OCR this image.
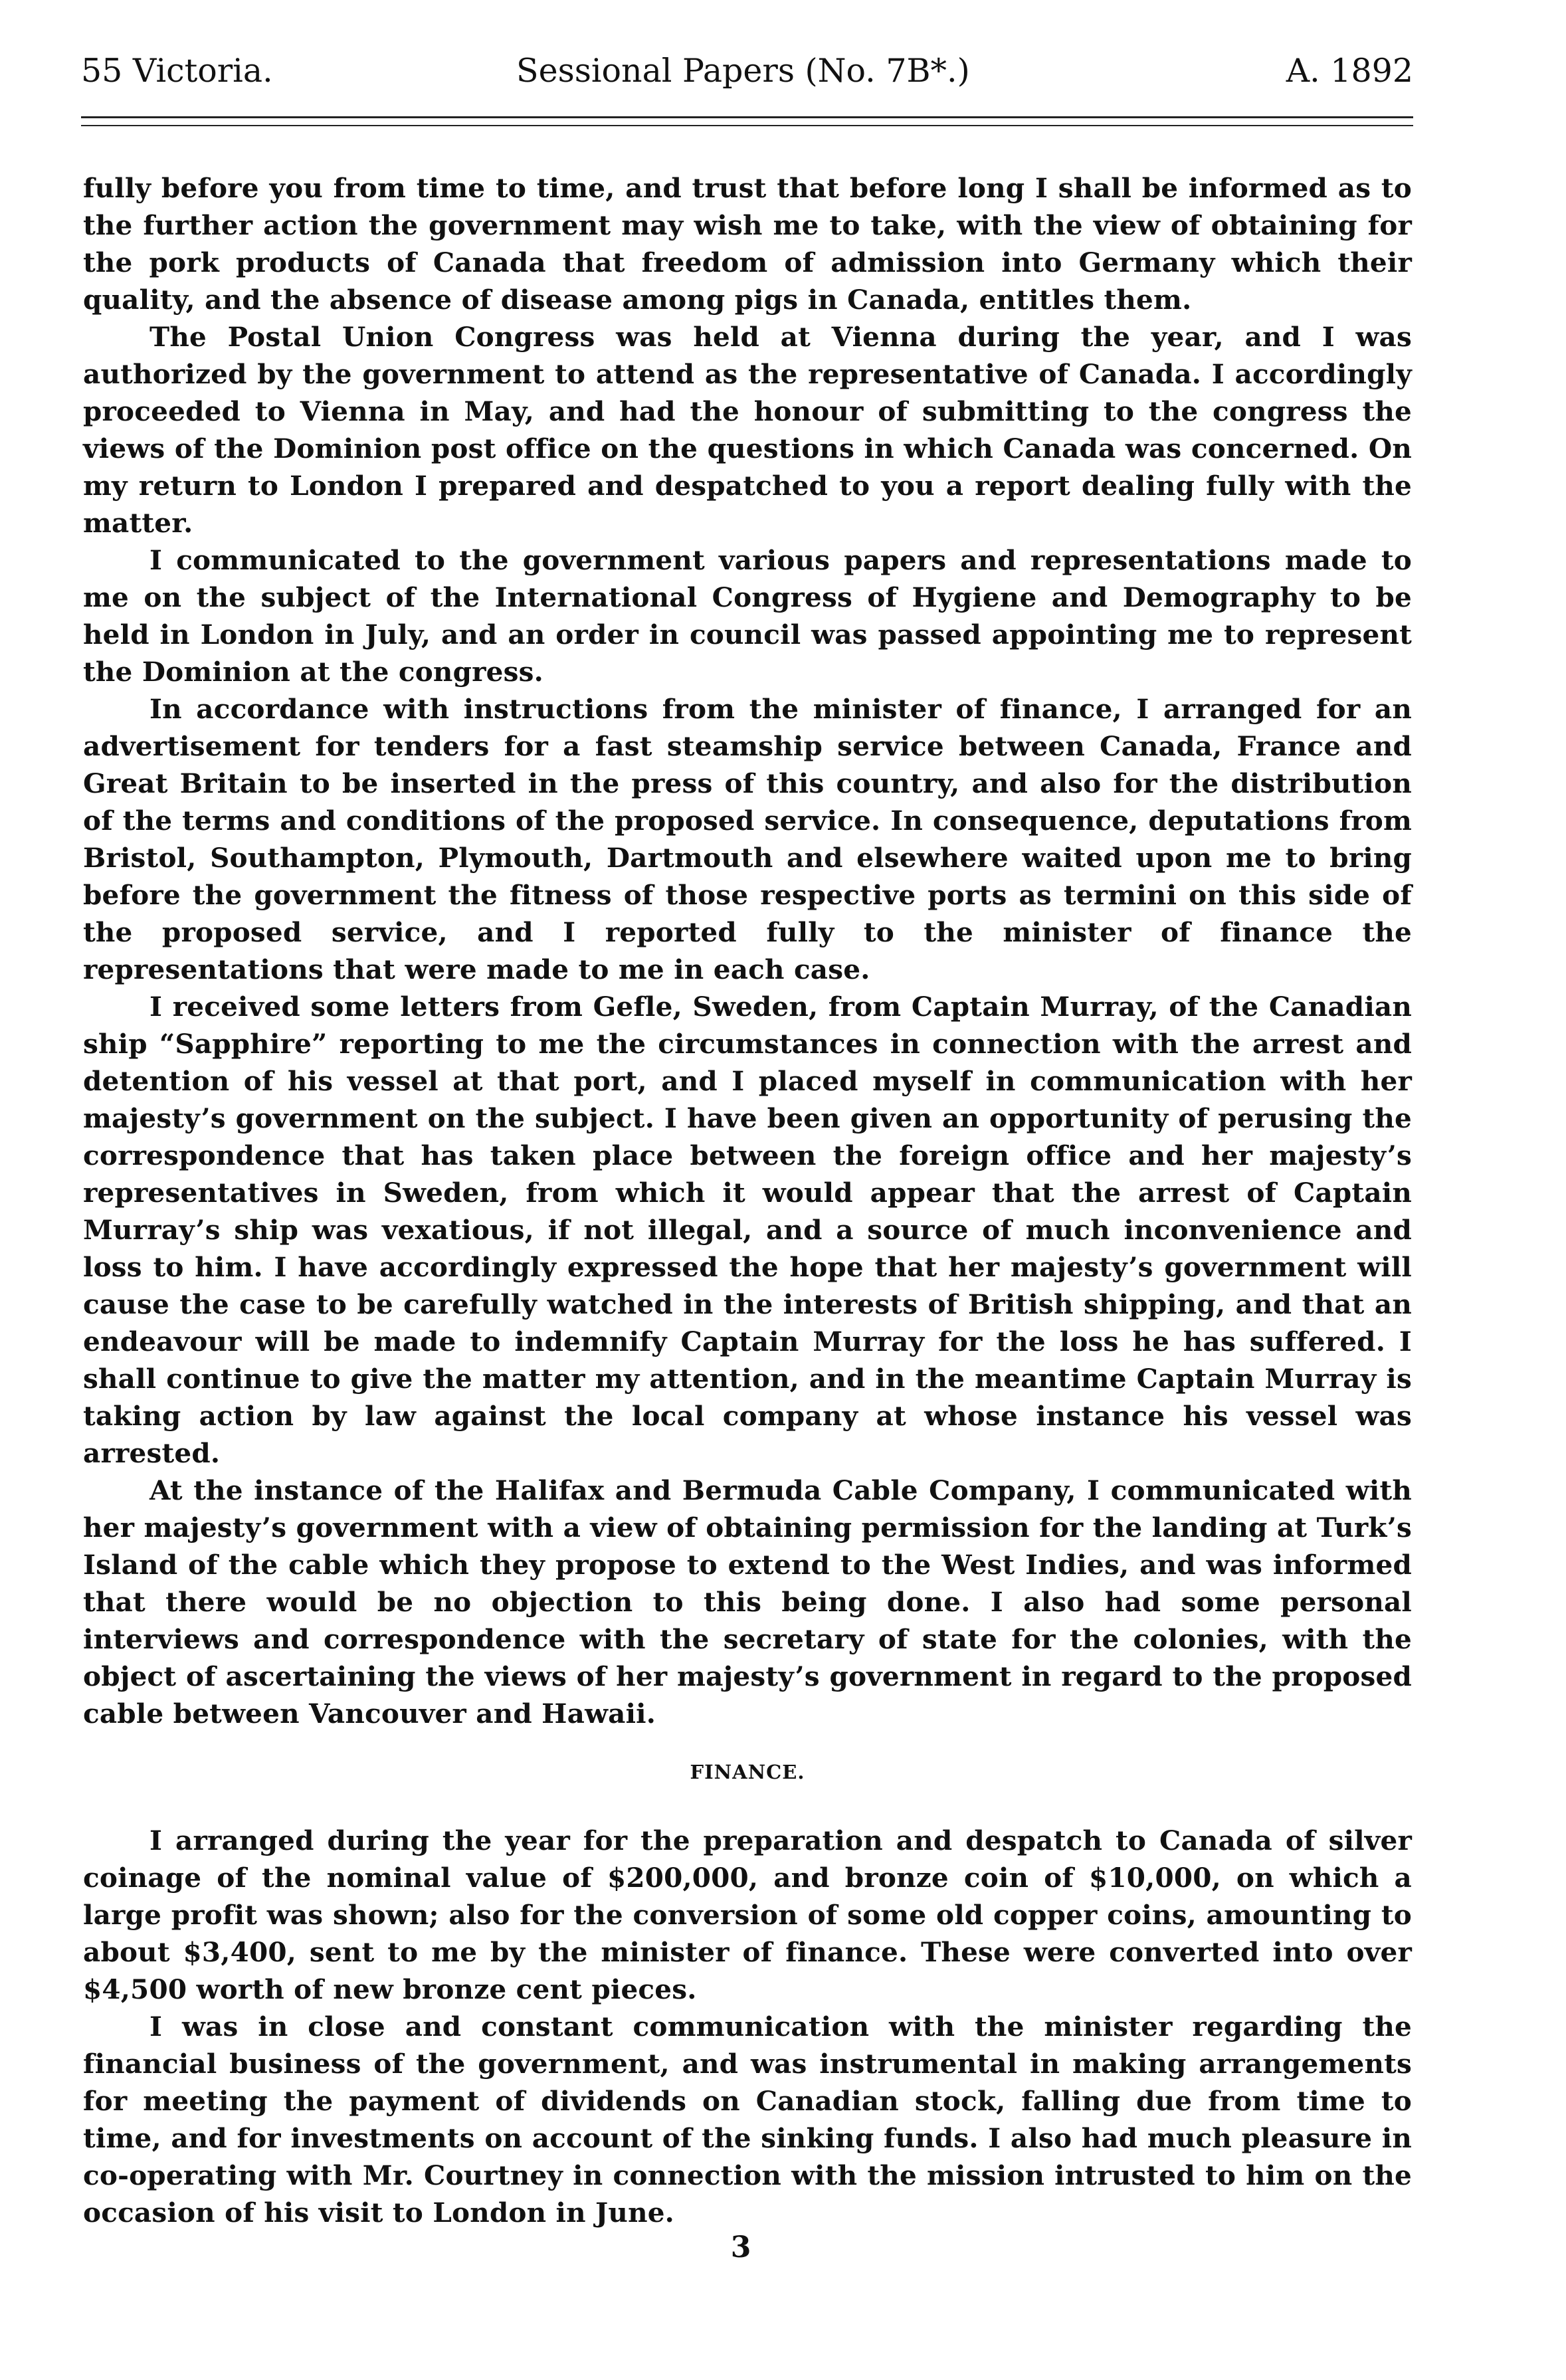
55 Victoria.	Sessional Papers (No. 7B*.)	A. 1892

fully before you from time to time, and trust that before long I shall be informed as to the further action the government may wish me to take, with the view of obtaining for the pork products of Canada that freedom of admission into Germany which their quality, and the absence of disease among pigs in Canada, entitles them.

The Postal Union Congress was held at Vienna during the year, and I was authorized by the government to attend as the representative of Canada. I accordingly proceeded to Vienna in May, and had the honour of submitting to the congress the views of the Dominion post office on the questions in which Canada was concerned. On my return to London I prepared and despatched to you a report dealing fully with the matter.

I communicated to the government various papers and representations made to me on the subject of the International Congress of Hygiene and Demography to be held in London in July, and an order in council was passed appointing me to represent the Dominion at the congress.

In accordance with instructions from the minister of finance, I arranged for an advertisement for tenders for a fast steamship service between Canada, France and Great Britain to be inserted in the press of this country, and also for the distribution of the terms and conditions of the proposed service. In consequence, deputations from Bristol, Southampton, Plymouth, Dartmouth and elsewhere waited upon me to bring before the government the fitness of those respective ports as termini on this side of the proposed service, and I reported fully to the minister of finance the representations that were made to me in each case.

I received some letters from Gefle, Sweden, from Captain Murray, of the Canadian ship “Sapphire” reporting to me the circumstances in connection with the arrest and detention of his vessel at that port, and I placed myself in communication with her majesty’s government on the subject. I have been given an opportunity of perusing the correspondence that has taken place between the foreign office and her majesty’s representatives in Sweden, from which it would appear that the arrest of Captain Murray’s ship was vexatious, if not illegal, and a source of much inconvenience and loss to him. I have accordingly expressed the hope that her majesty’s government will cause the case to be carefully watched in the interests of British shipping, and that an endeavour will be made to indemnify Captain Murray for the loss he has suffered. I shall continue to give the matter my attention, and in the meantime Captain Murray is taking action by law against the local company at whose instance his vessel was arrested.

At the instance of the Halifax and Bermuda Cable Company, I communicated with her majesty’s government with a view of obtaining permission for the landing at Turk’s Island of the cable which they propose to extend to the West Indies, and was informed that there would be no objection to this being done. I also had some personal interviews and correspondence with the secretary of state for the colonies, with the object of ascertaining the views of her majesty’s government in regard to the proposed cable between Vancouver and Hawaii.

FINANCE.

I arranged during the year for the preparation and despatch to Canada of silver coinage of the nominal value of $200,000, and bronze coin of $10,000, on which a large profit was shown; also for the conversion of some old copper coins, amounting to about $3,400, sent to me by the minister of finance. These were converted into over $4,500 worth of new bronze cent pieces.

I was in close and constant communication with the minister regarding the financial business of the government, and was instrumental in making arrangements for meeting the payment of dividends on Canadian stock, falling due from time to time, and for investments on account of the sinking funds. I also had much pleasure in co-operating with Mr. Courtney in connection with the mission intrusted to him on the occasion of his visit to London in June.

3
